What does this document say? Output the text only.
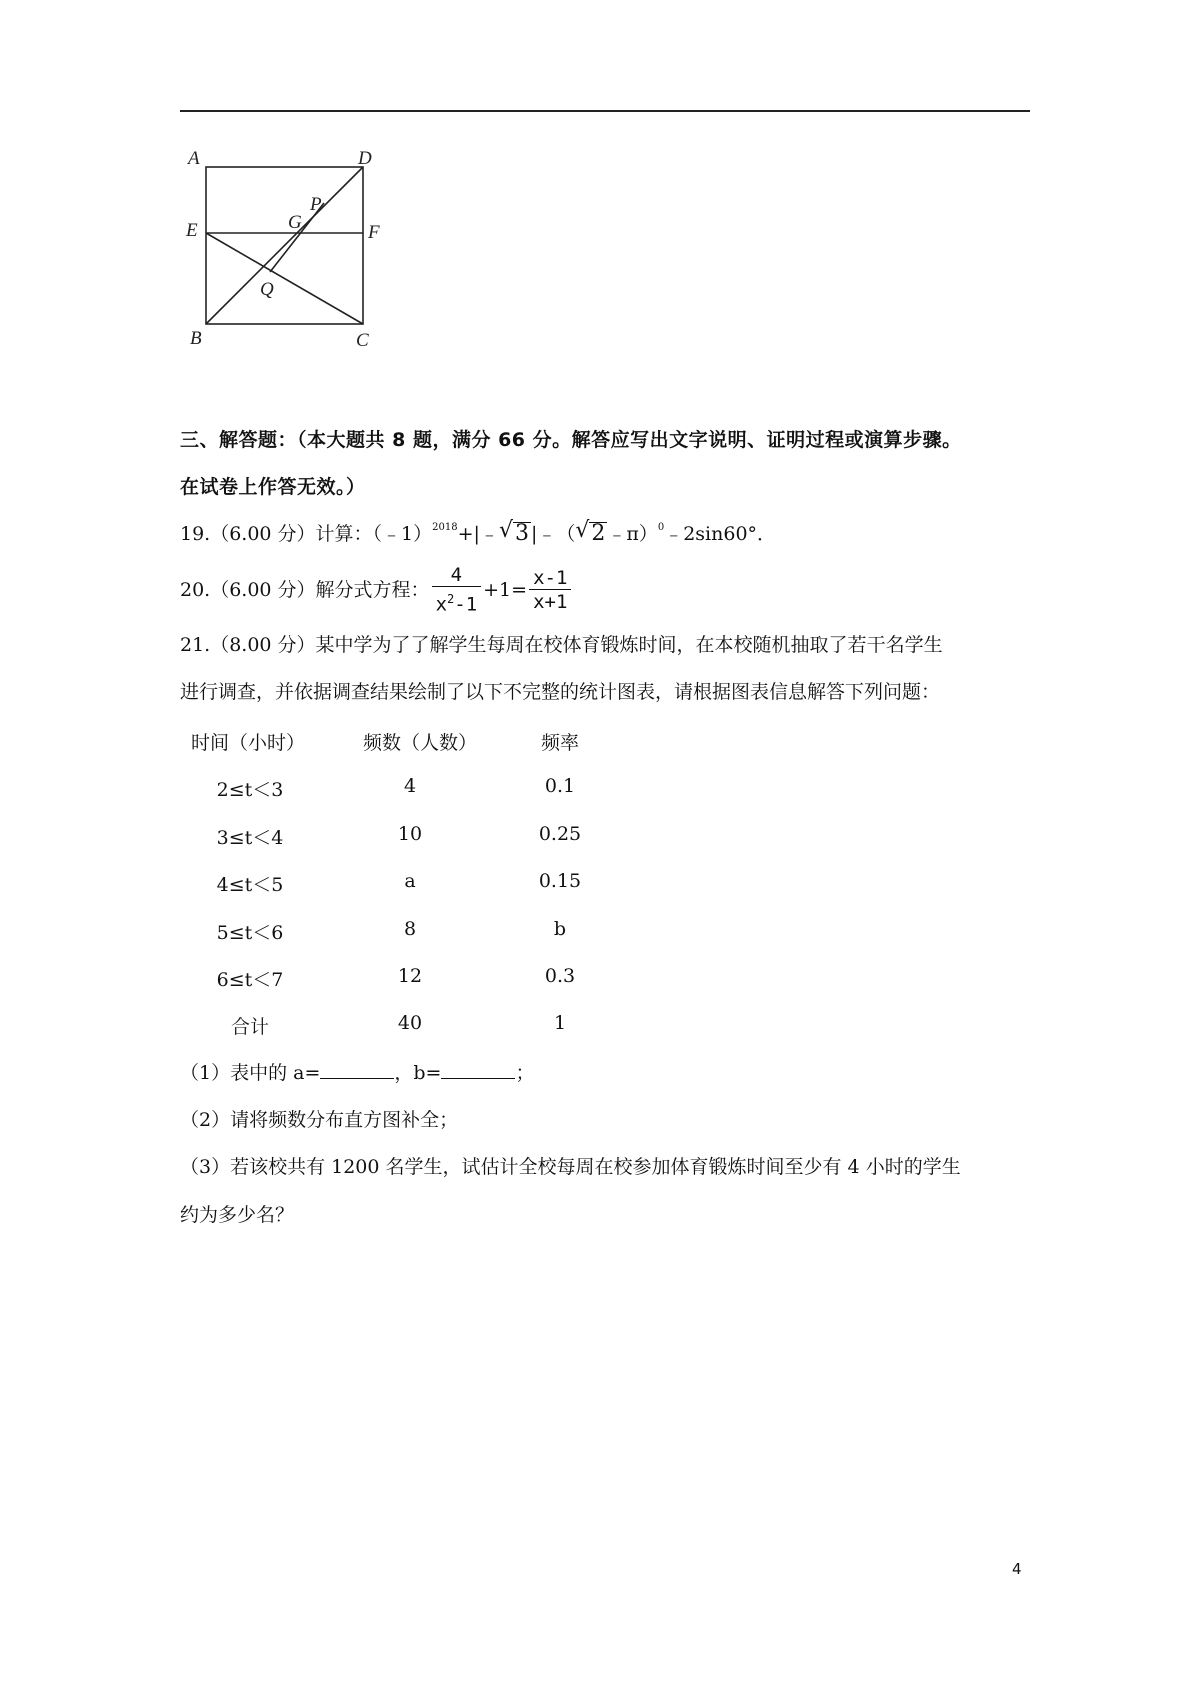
A	D
E	F
G
P
Q
B	C
三、解答题：（本大题共 8 题，满分 66 分。解答应写出文字说明、证明过程或演算步骤。
在试卷上作答无效。）
19.（6.00 分）计算：（﹣1）$^{2018}$+|﹣ √ 3 |﹣（ √ 2 ﹣π）$^0$﹣2sin60°．
20.（6.00 分）解分式方程： $\frac{4}{x^2-1} +1= \frac{x-1}{x+1}$
21.（8.00 分）某中学为了了解学生每周在校体育锻炼时间，在本校随机抽取了若干名学生
进行调查，并依据调查结果绘制了以下不完整的统计图表，请根据图表信息解答下列问题：
时间（小时）	频数（人数）	频率
2≤t＜3	4	0.1
3≤t＜4	10	0.25
4≤t＜5	a	0.15
5≤t＜6	8	b
6≤t＜7	12	0.3
合计	40	1
（1）表中的 a=	，b=	；
（2）请将频数分布直方图补全；
（3）若该校共有 1200 名学生，试估计全校每周在校参加体育锻炼时间至少有 4 小时的学生
约为多少名？
4
